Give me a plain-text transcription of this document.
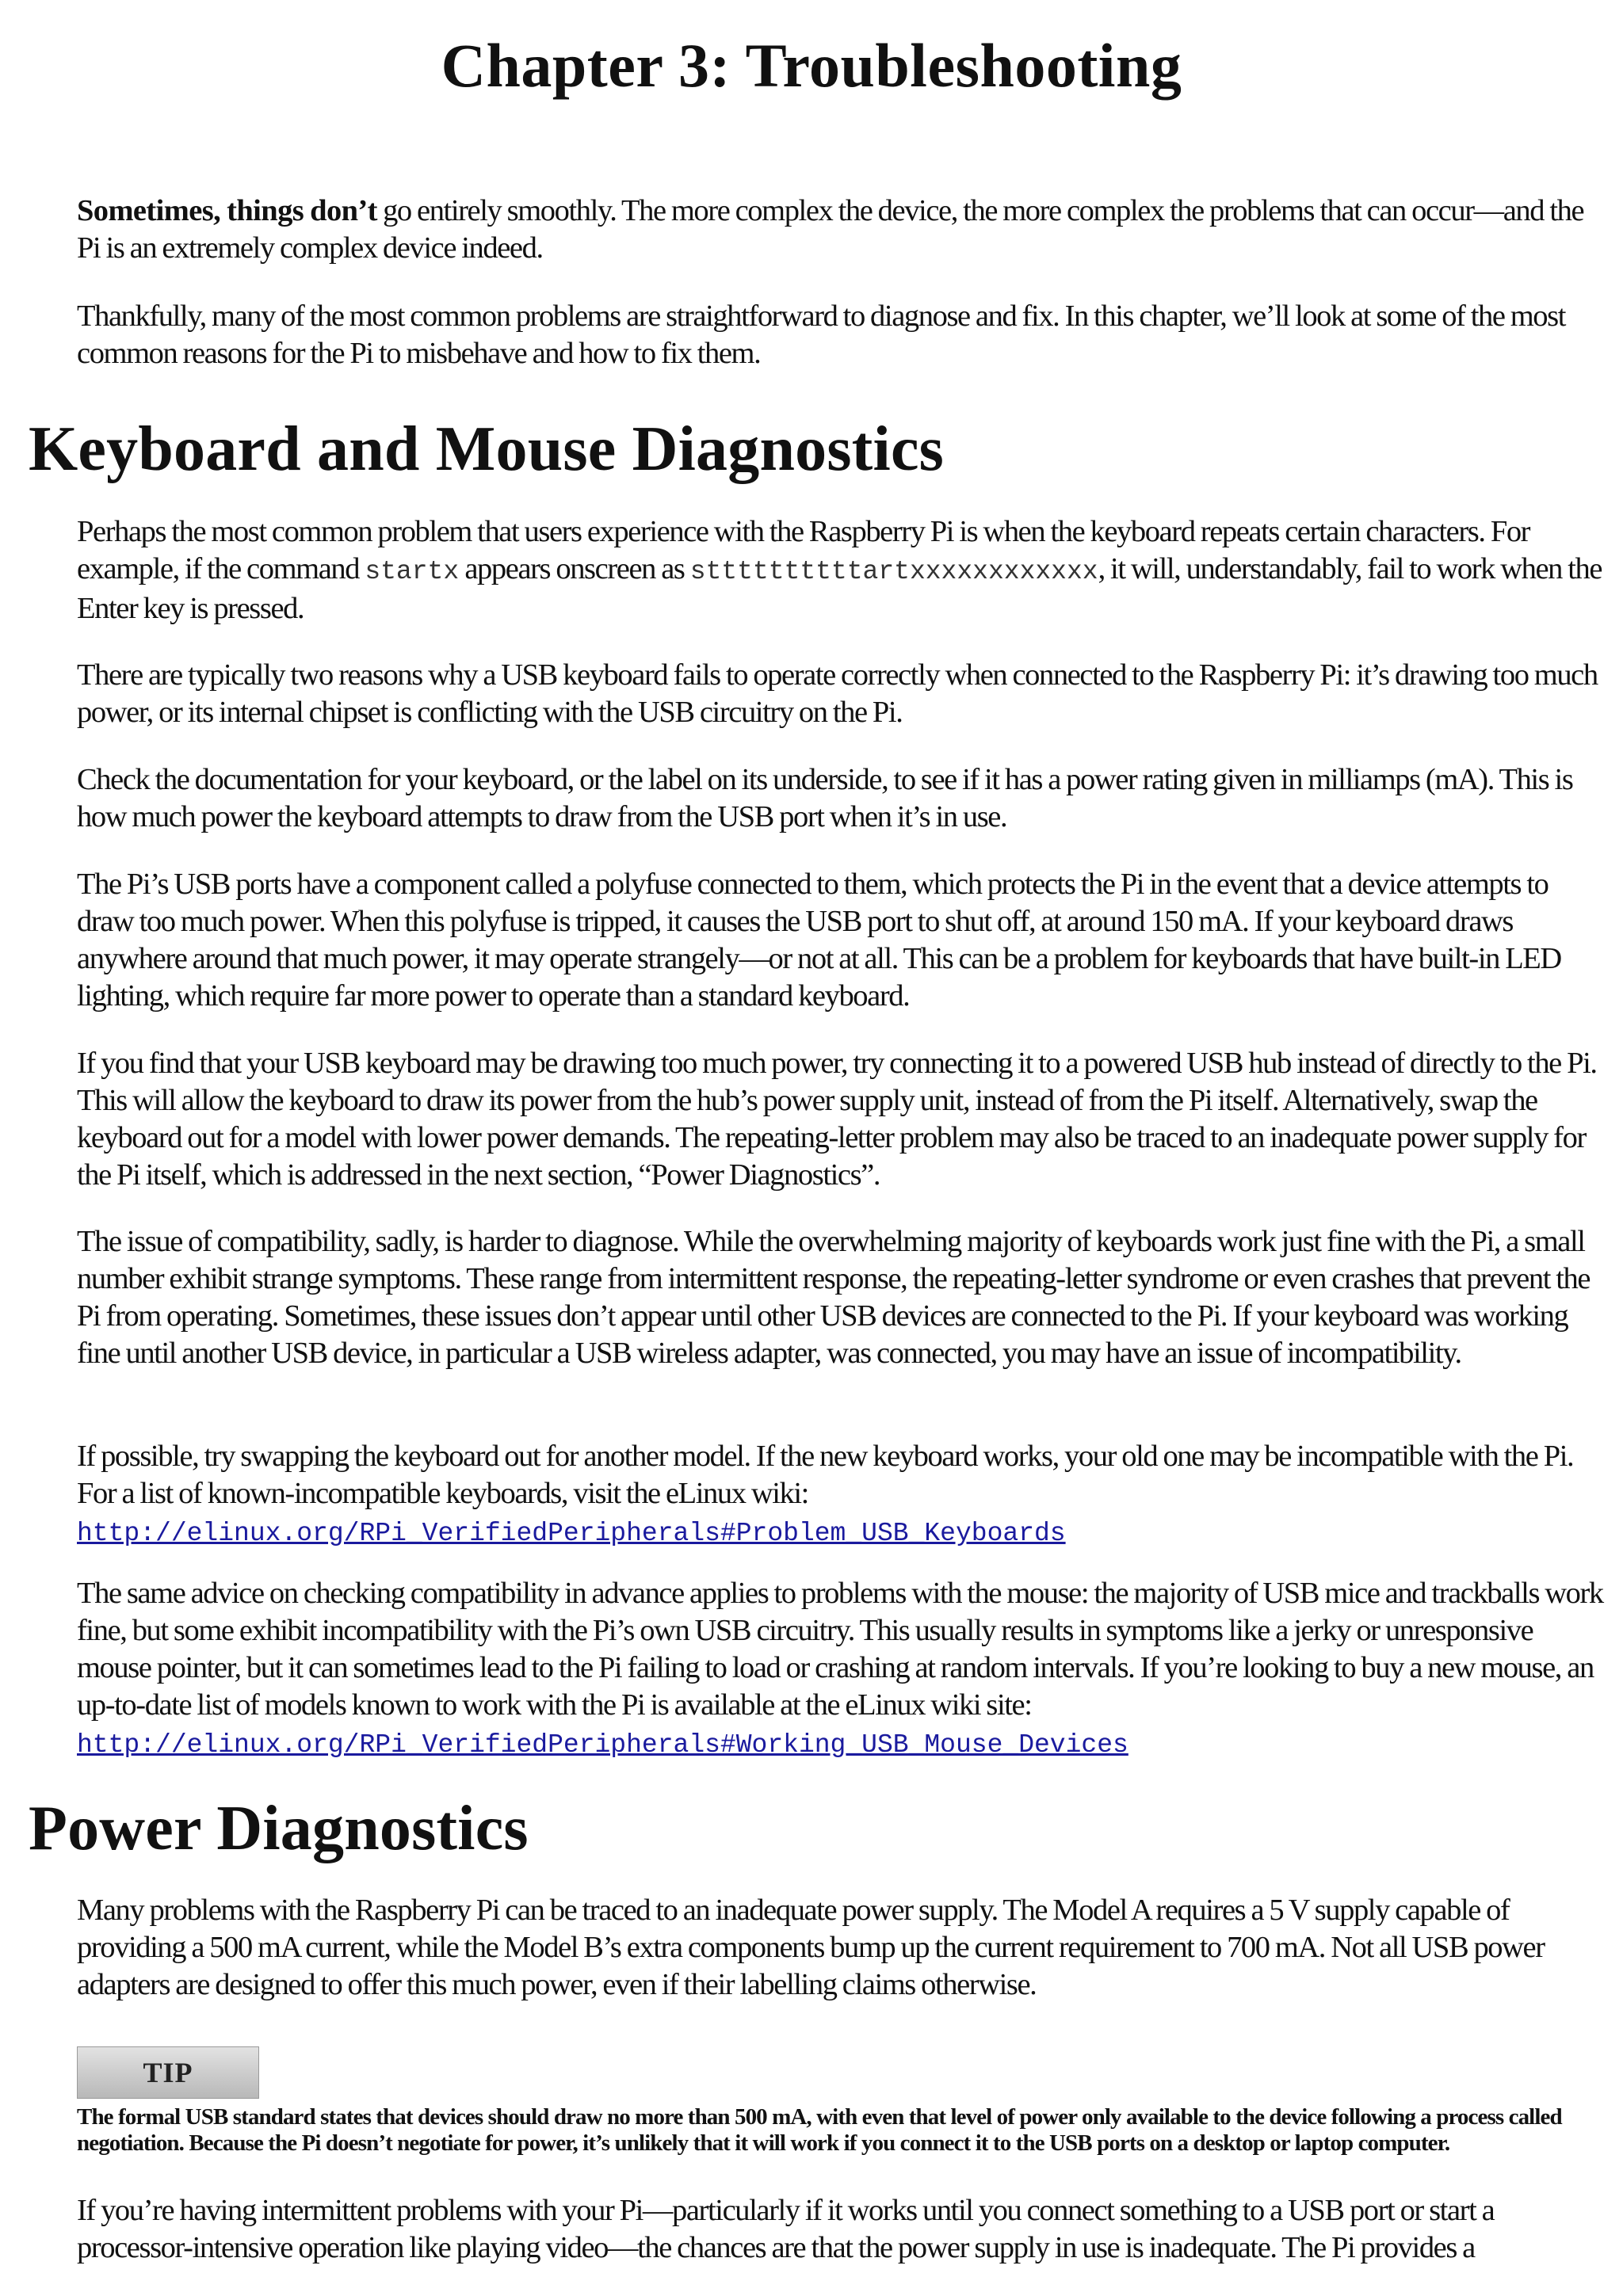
Chapter 3: Troubleshooting

Sometimes, things don’t go entirely smoothly. The more complex the device, the more complex the problems that can occur—and the Pi is an extremely complex device indeed.

Thankfully, many of the most common problems are straightforward to diagnose and fix. In this chapter, we’ll look at some of the most common reasons for the Pi to misbehave and how to fix them.

Keyboard and Mouse Diagnostics

Perhaps the most common problem that users experience with the Raspberry Pi is when the keyboard repeats certain characters. For example, if the command startx appears onscreen as sttttttttttartxxxxxxxxxxxx, it will, understandably, fail to work when the Enter key is pressed.

There are typically two reasons why a USB keyboard fails to operate correctly when connected to the Raspberry Pi: it’s drawing too much power, or its internal chipset is conflicting with the USB circuitry on the Pi.

Check the documentation for your keyboard, or the label on its underside, to see if it has a power rating given in milliamps (mA). This is how much power the keyboard attempts to draw from the USB port when it’s in use.

The Pi’s USB ports have a component called a polyfuse connected to them, which protects the Pi in the event that a device attempts to draw too much power. When this polyfuse is tripped, it causes the USB port to shut off, at around 150 mA. If your keyboard draws anywhere around that much power, it may operate strangely—or not at all. This can be a problem for keyboards that have built-in LED lighting, which require far more power to operate than a standard keyboard.

If you find that your USB keyboard may be drawing too much power, try connecting it to a powered USB hub instead of directly to the Pi. This will allow the keyboard to draw its power from the hub’s power supply unit, instead of from the Pi itself. Alternatively, swap the keyboard out for a model with lower power demands. The repeating-letter problem may also be traced to an inadequate power supply for the Pi itself, which is addressed in the next section, “Power Diagnostics”.

The issue of compatibility, sadly, is harder to diagnose. While the overwhelming majority of keyboards work just fine with the Pi, a small number exhibit strange symptoms. These range from intermittent response, the repeating-letter syndrome or even crashes that prevent the Pi from operating. Sometimes, these issues don’t appear until other USB devices are connected to the Pi. If your keyboard was working fine until another USB device, in particular a USB wireless adapter, was connected, you may have an issue of incompatibility.

If possible, try swapping the keyboard out for another model. If the new keyboard works, your old one may be incompatible with the Pi. For a list of known-incompatible keyboards, visit the eLinux wiki: http://elinux.org/RPi_VerifiedPeripherals#Problem_USB_Keyboards

The same advice on checking compatibility in advance applies to problems with the mouse: the majority of USB mice and trackballs work fine, but some exhibit incompatibility with the Pi’s own USB circuitry. This usually results in symptoms like a jerky or unresponsive mouse pointer, but it can sometimes lead to the Pi failing to load or crashing at random intervals. If you’re looking to buy a new mouse, an up-to-date list of models known to work with the Pi is available at the eLinux wiki site: http://elinux.org/RPi_VerifiedPeripherals#Working_USB_Mouse_Devices

Power Diagnostics

Many problems with the Raspberry Pi can be traced to an inadequate power supply. The Model A requires a 5 V supply capable of providing a 500 mA current, while the Model B’s extra components bump up the current requirement to 700 mA. Not all USB power adapters are designed to offer this much power, even if their labelling claims otherwise.

TIP

The formal USB standard states that devices should draw no more than 500 mA, with even that level of power only available to the device following a process called negotiation. Because the Pi doesn’t negotiate for power, it’s unlikely that it will work if you connect it to the USB ports on a desktop or laptop computer.

If you’re having intermittent problems with your Pi—particularly if it works until you connect something to a USB port or start a processor-intensive operation like playing video—the chances are that the power supply in use is inadequate. The Pi provides a
